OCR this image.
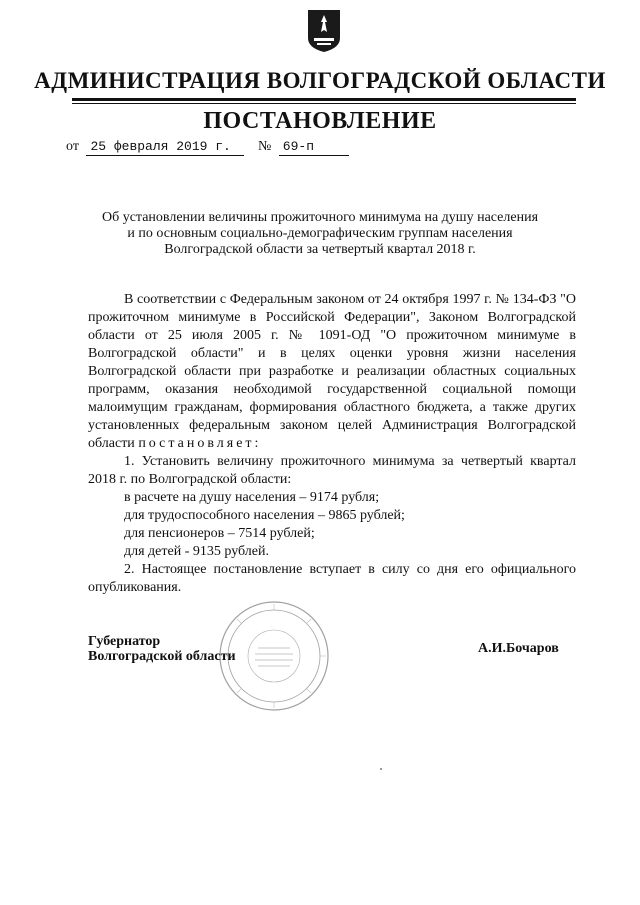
АДМИНИСТРАЦИЯ ВОЛГОГРАДСКОЙ ОБЛАСТИ
ПОСТАНОВЛЕНИЕ
от 25 февраля 2019 г. № 69-п
Об установлении величины прожиточного минимума на душу населения
и по основным социально-демографическим группам населения
Волгоградской области за четвертый квартал 2018 г.

В соответствии с Федеральным законом от 24 октября 1997 г. № 134-ФЗ "О прожиточном минимуме в Российской Федерации", Законом Волгоградской области от 25 июля 2005 г. № 1091-ОД "О прожиточном минимуме в Волгоградской области" и в целях оценки уровня жизни населения Волгоградской области при разработке и реализации областных социальных программ, оказания необходимой государственной социальной помощи малоимущим гражданам, формирования областного бюджета, а также других установленных федеральным законом целей Администрация Волгоградской области постановляет:

1. Установить величину прожиточного минимума за четвертый квартал 2018 г. по Волгоградской области:

в расчете на душу населения – 9174 рубля;

для трудоспособного населения – 9865 рублей;

для пенсионеров – 7514 рублей;

для детей - 9135 рублей.

2. Настоящее постановление вступает в силу со дня его официального опубликования.

Губернатор
Волгоградской области
А.И.Бочаров
